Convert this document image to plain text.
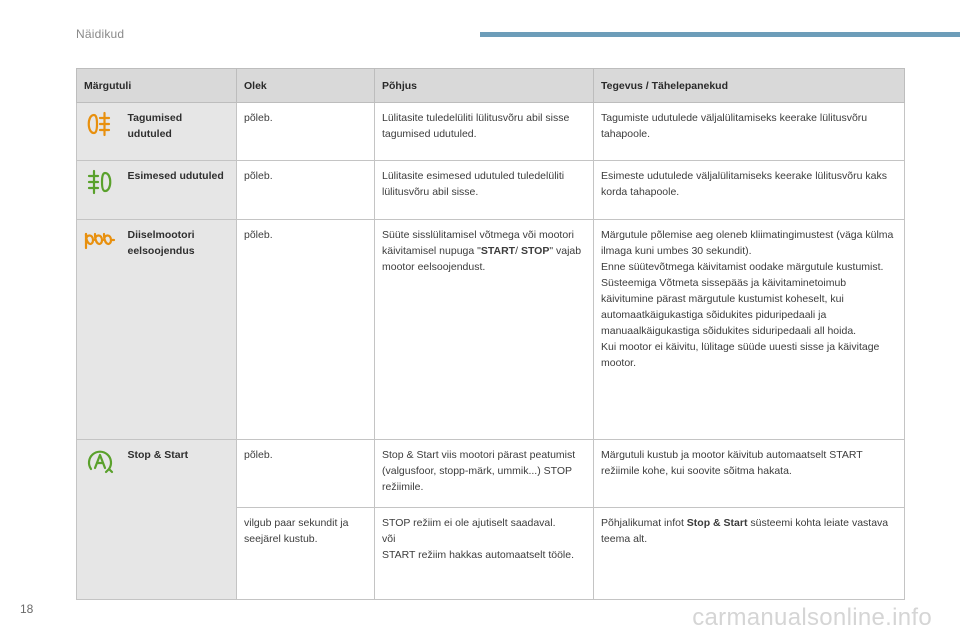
Näidikud
Märgutuli		Olek	Põhjus	Tegevus / Tähelepanekud

	Tagumised udutuled	põleb.	Lülitasite tuledelüliti lülitusvõru abil sisse tagumised udutuled.	Tagumiste udutulede väljalülitamiseks keerake lülitusvõru tahapoole.

	Esimesed udutuled	põleb.	Lülitasite esimesed udutuled tuledelüliti lülitusvõru abil sisse.	Esimeste udutulede väljalülitamiseks keerake lülitusvõru kaks korda tahapoole.

	Diiselmootori eelsoojendus	põleb.	Süüte sisslülitamisel võtmega või mootori käivitamisel nupuga "START/ STOP" vajab mootor eelsoojendust.	Märgutule põlemise aeg oleneb kliimatingimustest (väga külma ilmaga kuni umbes 30 sekundit).
Enne süütevõtmega käivitamist oodake märgutule kustumist.
Süsteemiga Võtmeta sissepääs ja käivitaminetoimub käivitumine pärast märgutule kustumist koheselt, kui automaatkäigukastiga sõidukites piduripedaali ja manuaalkäigukastiga sõidukites siduripedaali all hoida.
Kui mootor ei käivitu, lülitage süüde uuesti sisse ja käivitage mootor.

	Stop & Start	põleb.	Stop & Start viis mootori pärast peatumist (valgusfoor, stopp-märk, ummik...) STOP režiimile.	Märgutuli kustub ja mootor käivitub automaatselt START režiimile kohe, kui soovite sõitma hakata.
		vilgub paar sekundit ja seejärel kustub.	STOP režiim ei ole ajutiselt saadaval.
või
START režiim hakkas automaatselt tööle.	Põhjalikumat infot Stop & Start süsteemi kohta leiate vastava teema alt.
18	carmanualsonline.info
